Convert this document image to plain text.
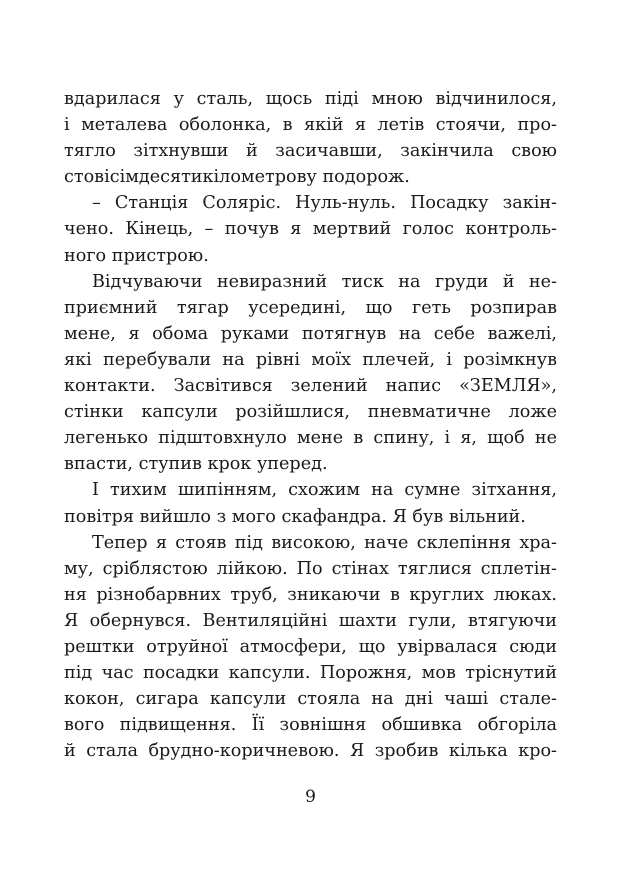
вдарилася у сталь, щось піді мною відчинилося,
і металева оболонка, в якій я летів стоячи, про-
тягло зітхнувши й засичавши, закінчила свою
стовісімдесятикілометрову подорож.
– Станція Соляріс. Нуль-нуль. Посадку закін-
чено. Кінець, – почув я мертвий голос контроль-
ного пристрою.
Відчуваючи невиразний тиск на груди й не-
приємний тягар усередині, що геть розпирав
мене, я обома руками потягнув на себе важелі,
які перебували на рівні моїх плечей, і розімкнув
контакти. Засвітився зелений напис «ЗЕМЛЯ»,
стінки капсули розійшлися, пневматичне ложе
легенько підштовхнуло мене в спину, і я, щоб не
впасти, ступив крок уперед.
І тихим шипінням, схожим на сумне зітхання,
повітря вийшло з мого скафандра. Я був вільний.
Тепер я стояв під високою, наче склепіння хра-
му, сріблястою лійкою. По стінах тяглися сплетін-
ня різнобарвних труб, зникаючи в круглих люках.
Я обернувся. Вентиляційні шахти гули, втягуючи
рештки отруйної атмосфери, що увірвалася сюди
під час посадки капсули. Порожня, мов тріснутий
кокон, сигара капсули стояла на дні чаші стале-
вого підвищення. Її зовнішня обшивка обгоріла
й стала брудно-коричневою. Я зробив кілька кро-
9
